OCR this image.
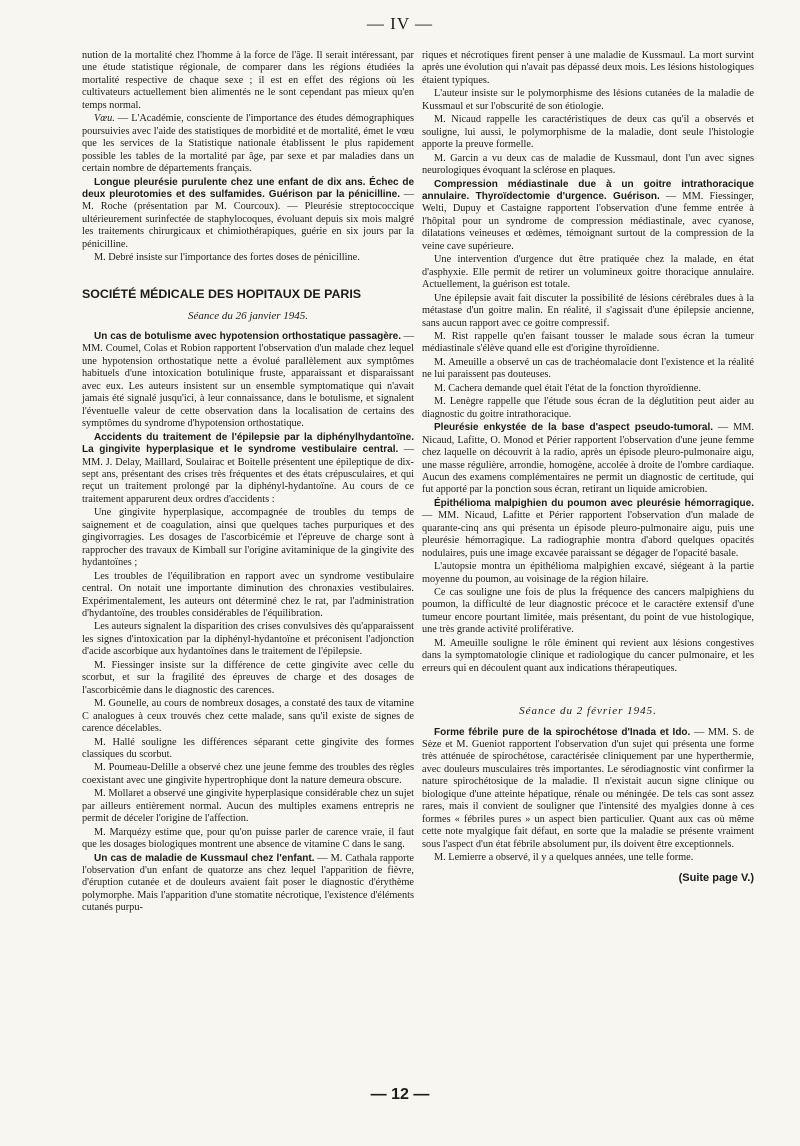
— IV —

nution de la mortalité chez l'homme à la force de l'âge. Il serait intéressant, par une étude statistique régionale, de comparer dans les régions étudiées la mortalité respective de chaque sexe ; il est en effet des régions où les cultivateurs actuellement bien alimentés ne le sont cependant pas mieux qu'en temps normal.

Vœu. — L'Académie, consciente de l'importance des études démographiques poursuivies avec l'aide des statistiques de morbidité et de mortalité, émet le vœu que les services de la Statistique nationale établissent le plus rapidement possible les tables de la mortalité par âge, par sexe et par maladies dans un certain nombre de départements français.

Longue pleurésie purulente chez une enfant de dix ans. Échec de deux pleurotomies et des sulfamides. Guérison par la pénicilline. — M. Roche (présentation par M. Courcoux). — Pleurésie streptococcique ultérieurement surinfectée de staphylocoques, évoluant depuis six mois malgré les traitements chirurgicaux et chimiothérapiques, guérie en six jours par la pénicilline.

M. Debré insiste sur l'importance des fortes doses de pénicilline.

SOCIÉTÉ MÉDICALE DES HOPITAUX DE PARIS
Séance du 26 janvier 1945.

Un cas de botulisme avec hypotension orthostatique passagère. — MM. Coumel, Colas et Robion rapportent l'observation d'un malade chez lequel une hypotension orthostatique nette a évolué parallèlement aux symptômes habituels d'une intoxication botulinique fruste, apparaissant et disparaissant avec eux. Les auteurs insistent sur un ensemble symptomatique qui n'avait jamais été signalé jusqu'ici, à leur connaissance, dans le botulisme, et signalent l'éventuelle valeur de cette observation dans la localisation de certains des symptômes du syndrome d'hypotension orthostatique.

Accidents du traitement de l'épilepsie par la diphénylhydantoïne. La gingivite hyperplasique et le syndrome vestibulaire central. — MM. J. Delay, Maillard, Soulairac et Boitelle présentent une épileptique de dix-sept ans, présentant des crises très fréquentes et des états crépusculaires, et qui reçut un traitement prolongé par la diphényl-hydantoïne. Au cours de ce traitement apparurent deux ordres d'accidents :

Une gingivite hyperplasique, accompagnée de troubles du temps de saignement et de coagulation, ainsi que quelques taches purpuriques et des gingivorragies. Les dosages de l'ascorbicémie et l'épreuve de charge sont à rapprocher des travaux de Kimball sur l'origine avitaminique de la gingivite des hydantoïnes ;

Les troubles de l'équilibration en rapport avec un syndrome vestibulaire central. On notait une importante diminution des chronaxies vestibulaires. Expérimentalement, les auteurs ont déterminé chez le rat, par l'administration d'hydantoïne, des troubles considérables de l'équilibration.

Les auteurs signalent la disparition des crises convulsives dès qu'apparaissent les signes d'intoxication par la diphényl-hydantoïne et préconisent l'adjonction d'acide ascorbique aux hydantoïnes dans le traitement de l'épilepsie.

M. Fiessinger insiste sur la différence de cette gingivite avec celle du scorbut, et sur la fragilité des épreuves de charge et des dosages de l'ascorbicémie dans le diagnostic des carences.

M. Gounelle, au cours de nombreux dosages, a constaté des taux de vitamine C analogues à ceux trouvés chez cette malade, sans qu'il existe de signes de carence décelables.

M. Hallé souligne les différences séparant cette gingivite des formes classiques du scorbut.

M. Poumeau-Delille a observé chez une jeune femme des troubles des règles coexistant avec une gingivite hypertrophique dont la nature demeura obscure.

M. Mollaret a observé une gingivite hyperplasique considérable chez un sujet par ailleurs entièrement normal. Aucun des multiples examens entrepris ne permit de déceler l'origine de l'affection.

M. Marquézy estime que, pour qu'on puisse parler de carence vraie, il faut que les dosages biologiques montrent une absence de vitamine C dans le sang.

Un cas de maladie de Kussmaul chez l'enfant. — M. Cathala rapporte l'observation d'un enfant de quatorze ans chez lequel l'apparition de fièvre, d'éruption cutanée et de douleurs avaient fait poser le diagnostic d'érythème polymorphe. Mais l'apparition d'une stomatite nécrotique, l'existence d'éléments cutanés purpu-

riques et nécrotiques firent penser à une maladie de Kussmaul. La mort survint après une évolution qui n'avait pas dépassé deux mois. Les lésions histologiques étaient typiques.

L'auteur insiste sur le polymorphisme des lésions cutanées de la maladie de Kussmaul et sur l'obscurité de son étiologie.

M. Nicaud rappelle les caractéristiques de deux cas qu'il a observés et souligne, lui aussi, le polymorphisme de la maladie, dont seule l'histologie apporte la preuve formelle.

M. Garcin a vu deux cas de maladie de Kussmaul, dont l'un avec signes neurologiques évoquant la sclérose en plaques.

Compression médiastinale due à un goitre intrathoracique annulaire. Thyroïdectomie d'urgence. Guérison. — MM. Fiessinger, Welti, Dupuy et Castaigne rapportent l'observation d'une femme entrée à l'hôpital pour un syndrome de compression médiastinale, avec cyanose, dilatations veineuses et œdèmes, témoignant surtout de la compression de la veine cave supérieure.

Une intervention d'urgence dut être pratiquée chez la malade, en état d'asphyxie. Elle permit de retirer un volumineux goitre thoracique annulaire. Actuellement, la guérison est totale.

Une épilepsie avait fait discuter la possibilité de lésions cérébrales dues à la métastase d'un goitre malin. En réalité, il s'agissait d'une épilepsie ancienne, sans aucun rapport avec ce goitre compressif.

M. Rist rappelle qu'en faisant tousser le malade sous écran la tumeur médiastinale s'élève quand elle est d'origine thyroïdienne.

M. Ameuille a observé un cas de trachéomalacie dont l'existence et la réalité ne lui paraissent pas douteuses.

M. Cachera demande quel était l'état de la fonction thyroïdienne.

M. Lenègre rappelle que l'étude sous écran de la déglutition peut aider au diagnostic du goitre intrathoracique.

Pleurésie enkystée de la base d'aspect pseudo-tumoral. — MM. Nicaud, Lafitte, O. Monod et Périer rapportent l'observation d'une jeune femme chez laquelle on découvrit à la radio, après un épisode pleuro-pulmonaire aigu, une masse régulière, arrondie, homogène, accolée à droite de l'ombre cardiaque. Aucun des examens complémentaires ne permit un diagnostic de certitude, qui fut apporté par la ponction sous écran, retirant un liquide amicrobien.

Épithélioma malpighien du poumon avec pleurésie hémorragique. — MM. Nicaud, Lafitte et Périer rapportent l'observation d'un malade de quarante-cinq ans qui présenta un épisode pleuro-pulmonaire aigu, puis une pleurésie hémorragique. La radiographie montra d'abord quelques opacités nodulaires, puis une image excavée paraissant se dégager de l'opacité basale.

L'autopsie montra un épithélioma malpighien excavé, siégeant à la partie moyenne du poumon, au voisinage de la région hilaire.

Ce cas souligne une fois de plus la fréquence des cancers malpighiens du poumon, la difficulté de leur diagnostic précoce et le caractère extensif d'une tumeur encore pourtant limitée, mais présentant, du point de vue histologique, une très grande activité proliférative.

M. Ameuille souligne le rôle éminent qui revient aux lésions congestives dans la symptomatologie clinique et radiologique du cancer pulmonaire, et les erreurs qui en découlent quant aux indications thérapeutiques.

Séance du 2 février 1945.

Forme fébrile pure de la spirochétose d'Inada et Ido. — MM. S. de Sèze et M. Gueniot rapportent l'observation d'un sujet qui présenta une forme très atténuée de spirochétose, caractérisée cliniquement par une hyperthermie, avec douleurs musculaires très importantes. Le sérodiagnostic vint confirmer la nature spirochétosique de la maladie. Il n'existait aucun signe clinique ou biologique d'une atteinte hépatique, rénale ou méningée. De tels cas sont assez rares, mais il convient de souligner que l'intensité des myalgies donne à ces formes « fébriles pures » un aspect bien particulier. Quant aux cas où même cette note myalgique fait défaut, en sorte que la maladie se présente vraiment sous l'aspect d'un état fébrile absolument pur, ils doivent être exceptionnels.

M. Lemierre a observé, il y a quelques années, une telle forme.

(Suite page V.)
— 12 —
